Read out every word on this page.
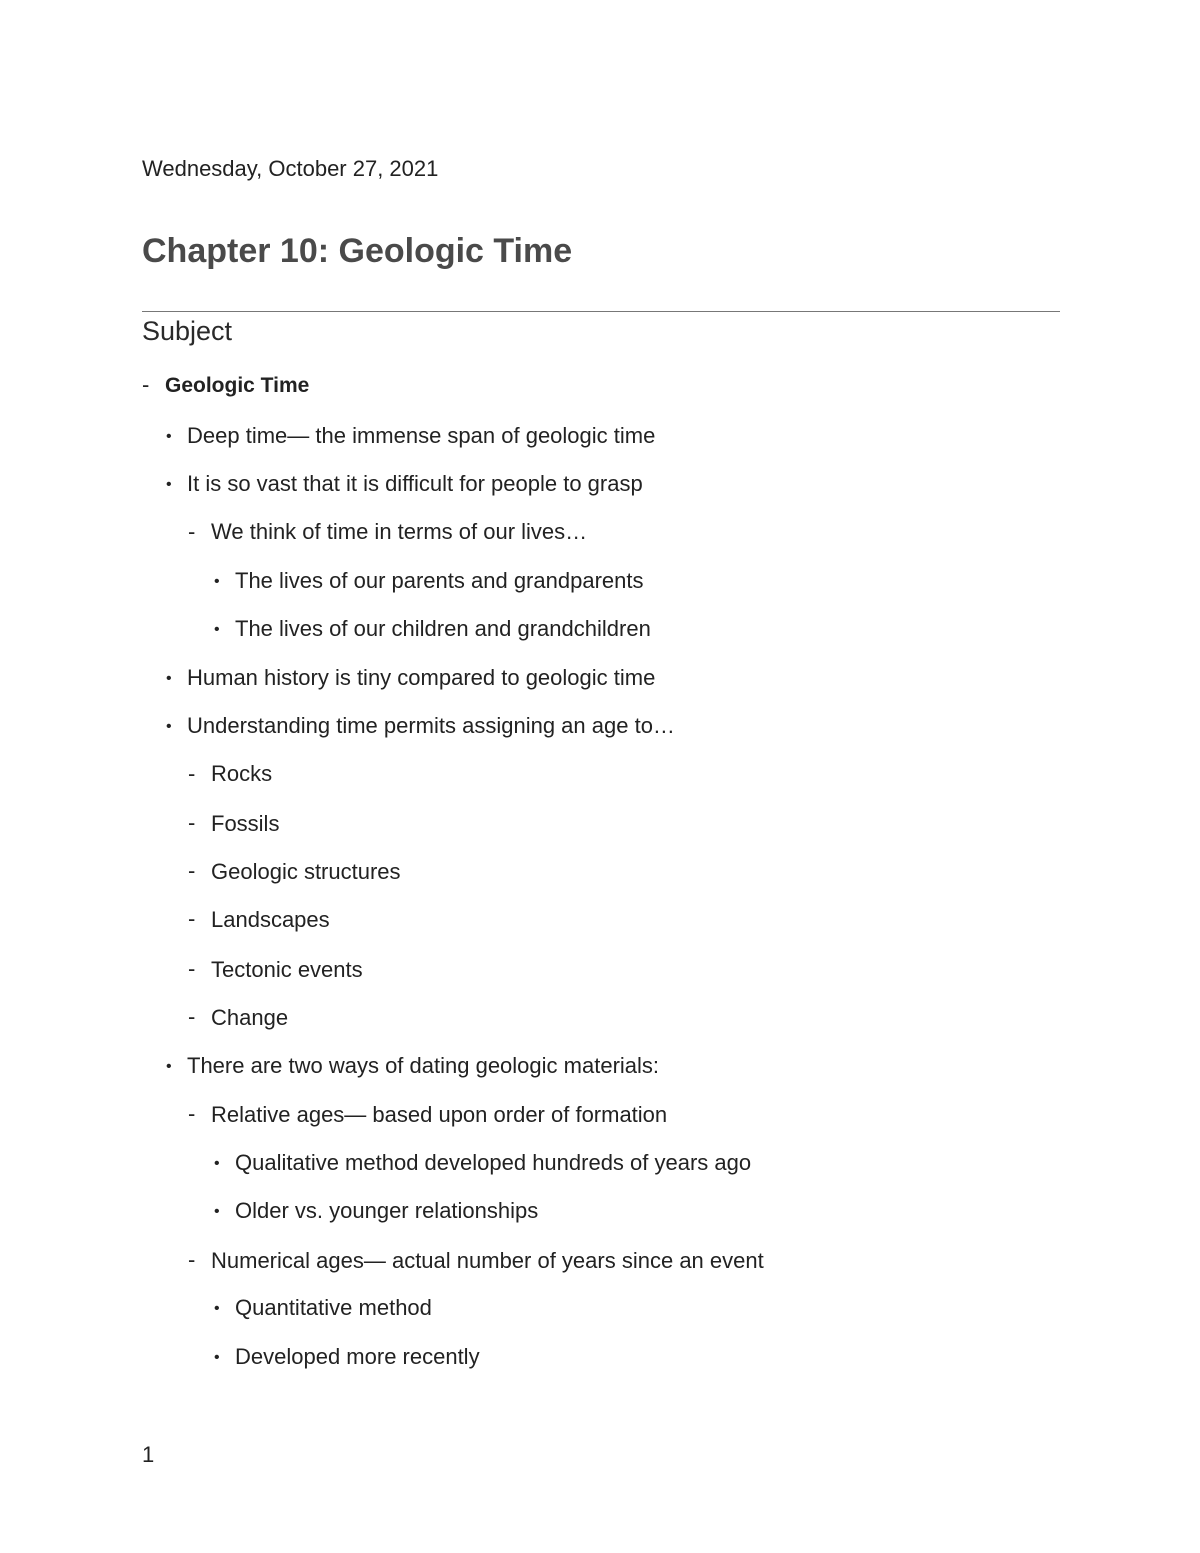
Wednesday, October 27, 2021
Chapter 10: Geologic Time
Subject
- Geologic Time
• Deep time— the immense span of geologic time
• It is so vast that it is difficult for people to grasp
- We think of time in terms of our lives…
• The lives of our parents and grandparents
• The lives of our children and grandchildren
• Human history is tiny compared to geologic time
• Understanding time permits assigning an age to…
- Rocks
- Fossils
- Geologic structures
- Landscapes
- Tectonic events
- Change
• There are two ways of dating geologic materials:
- Relative ages— based upon order of formation
• Qualitative method developed hundreds of years ago
• Older vs. younger relationships
- Numerical ages— actual number of years since an event
• Quantitative method
• Developed more recently
1
